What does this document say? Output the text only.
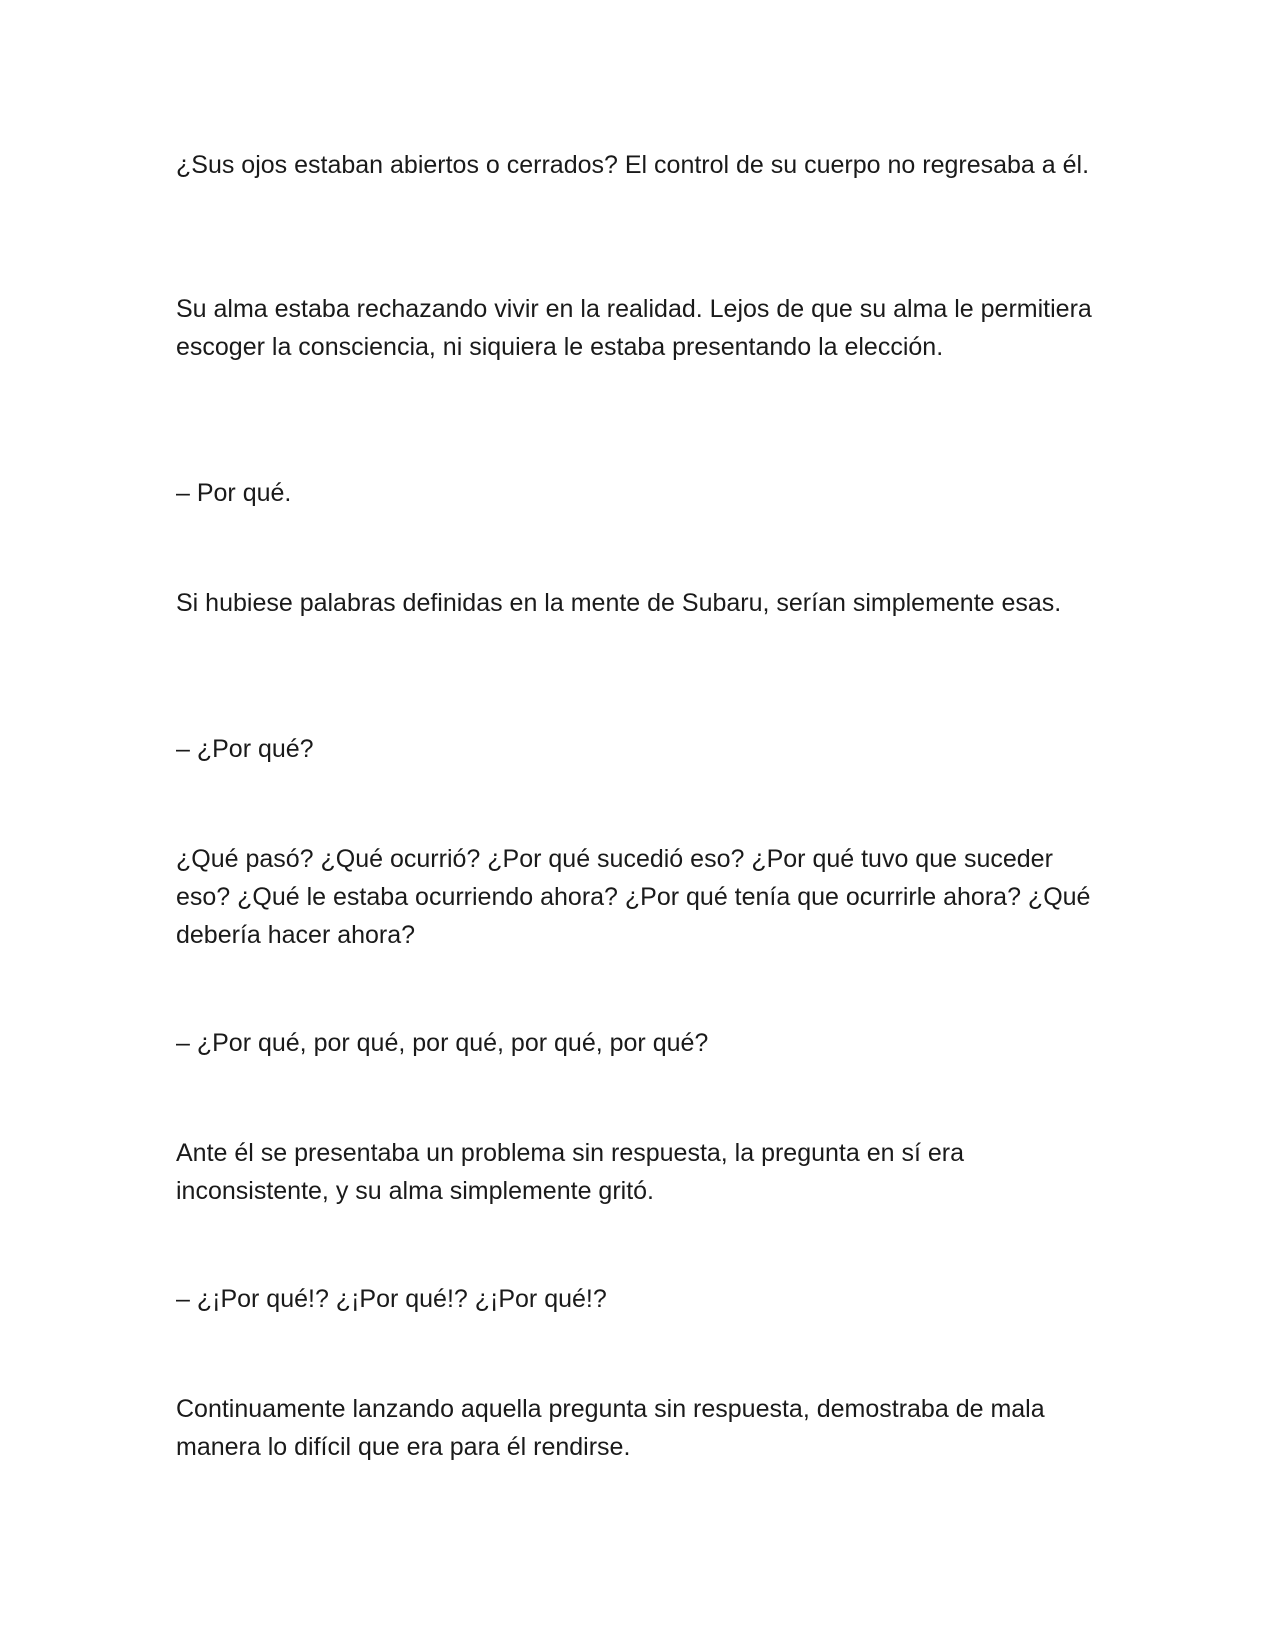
¿Sus ojos estaban abiertos o cerrados? El control de su cuerpo no regresaba a él.

Su alma estaba rechazando vivir en la realidad. Lejos de que su alma le permitiera escoger la consciencia, ni siquiera le estaba presentando la elección.

– Por qué.

Si hubiese palabras definidas en la mente de Subaru, serían simplemente esas.

– ¿Por qué?

¿Qué pasó? ¿Qué ocurrió? ¿Por qué sucedió eso? ¿Por qué tuvo que suceder eso? ¿Qué le estaba ocurriendo ahora? ¿Por qué tenía que ocurrirle ahora? ¿Qué debería hacer ahora?

– ¿Por qué, por qué, por qué, por qué, por qué?

Ante él se presentaba un problema sin respuesta, la pregunta en sí era inconsistente, y su alma simplemente gritó.

– ¿¡Por qué!? ¿¡Por qué!? ¿¡Por qué!?

Continuamente lanzando aquella pregunta sin respuesta, demostraba de mala manera lo difícil que era para él rendirse.
